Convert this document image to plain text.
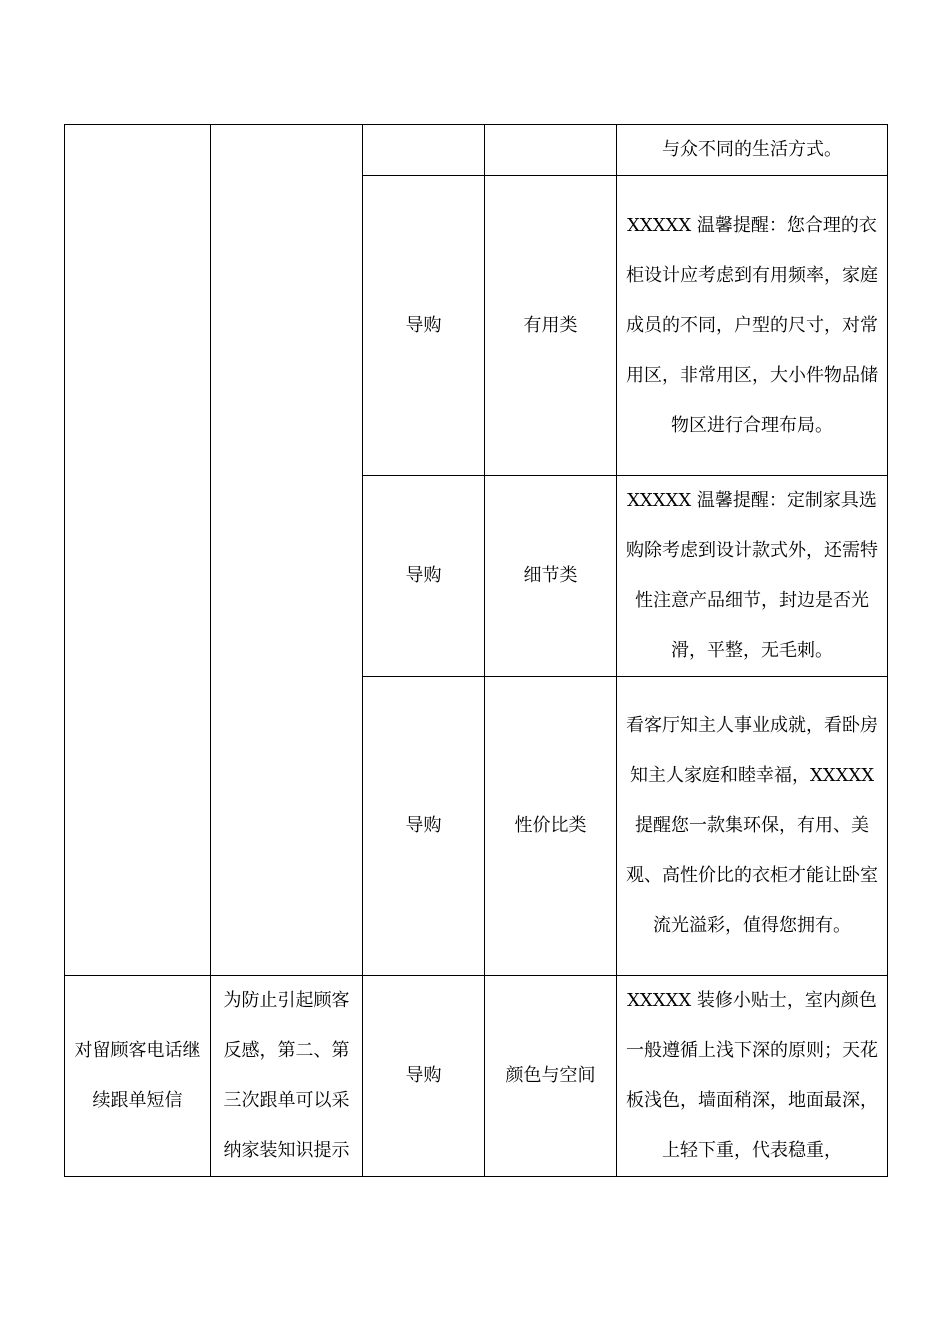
				与众不同的生活方式。
		导购	有用类	XXXXX 温馨提醒：您合理的衣柜设计应考虑到有用频率，家庭成员的不同，户型的尺寸，对常用区，非常用区，大小件物品储物区进行合理布局。
		导购	细节类	XXXXX 温馨提醒：定制家具选购除考虑到设计款式外，还需特性注意产品细节，封边是否光滑，平整，无毛刺。
		导购	性价比类	看客厅知主人事业成就，看卧房知主人家庭和睦幸福，XXXXX 提醒您一款集环保，有用、美观、高性价比的衣柜才能让卧室流光溢彩，值得您拥有。
对留顾客电话继续跟单短信	为防止引起顾客反感，第二、第三次跟单可以采纳家装知识提示	导购	颜色与空间	XXXXX 装修小贴士，室内颜色一般遵循上浅下深的原则；天花板浅色，墙面稍深，地面最深，上轻下重，代表稳重，
